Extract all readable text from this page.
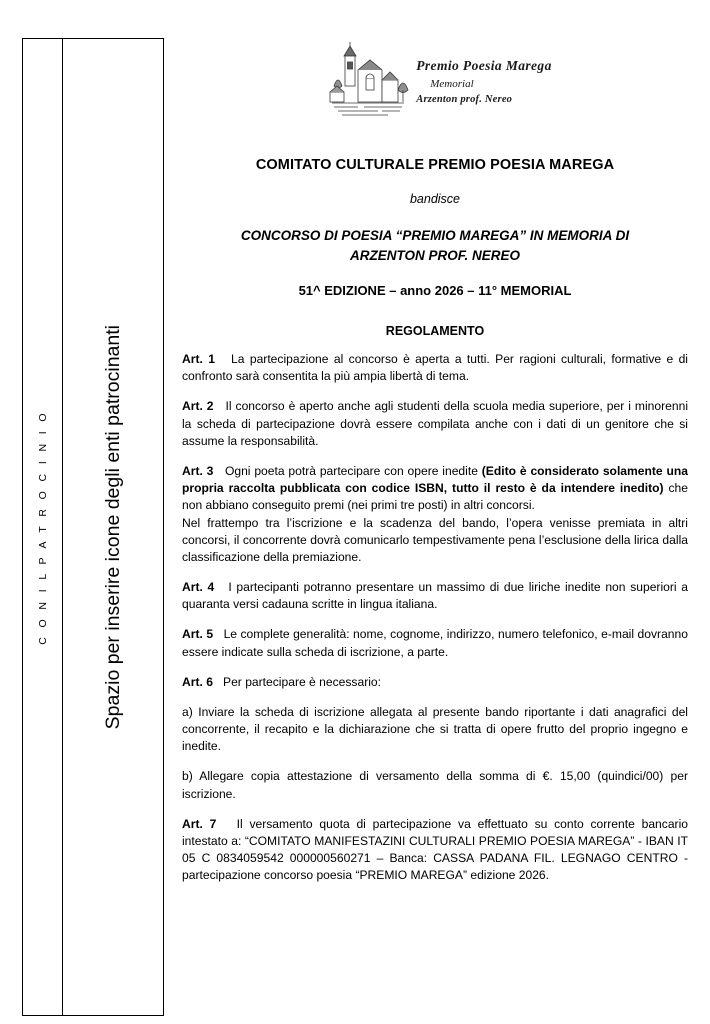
C O N I L P A T R O C I N I O	Spazio per inserire icone degli enti patrocinanti
Premio Poesia Marega
Memorial
Arzenton prof. Nereo
COMITATO CULTURALE PREMIO POESIA MAREGA
bandisce
CONCORSO DI POESIA “PREMIO MAREGA” IN MEMORIA DI
ARZENTON PROF. NEREO
51^ EDIZIONE – anno 2026 – 11° MEMORIAL
REGOLAMENTO
Art. 1 La partecipazione al concorso è aperta a tutti. Per ragioni culturali, formative e di confronto sarà consentita la più ampia libertà di tema.
Art. 2 Il concorso è aperto anche agli studenti della scuola media superiore, per i minorenni la scheda di partecipazione dovrà essere compilata anche con i dati di un genitore che si assume la responsabilità.
Art. 3 Ogni poeta potrà partecipare con opere inedite (Edito è considerato solamente una propria raccolta pubblicata con codice ISBN, tutto il resto è da intendere inedito) che non abbiano conseguito premi (nei primi tre posti) in altri concorsi.
Nel frattempo tra l’iscrizione e la scadenza del bando, l’opera venisse premiata in altri concorsi, il concorrente dovrà comunicarlo tempestivamente pena l’esclusione della lirica dalla classificazione della premiazione.
Art. 4 I partecipanti potranno presentare un massimo di due liriche inedite non superiori a quaranta versi cadauna scritte in lingua italiana.
Art. 5 Le complete generalità: nome, cognome, indirizzo, numero telefonico, e-mail dovranno essere indicate sulla scheda di iscrizione, a parte.
Art. 6 Per partecipare è necessario:
a) Inviare la scheda di iscrizione allegata al presente bando riportante i dati anagrafici del concorrente, il recapito e la dichiarazione che si tratta di opere frutto del proprio ingegno e inedite.
b) Allegare copia attestazione di versamento della somma di €. 15,00 (quindici/00) per iscrizione.
Art. 7 Il versamento quota di partecipazione va effettuato su conto corrente bancario intestato a: “COMITATO MANIFESTAZINI CULTURALI PREMIO POESIA MAREGA” - IBAN IT 05 C 0834059542 000000560271 – Banca: CASSA PADANA FIL. LEGNAGO CENTRO - partecipazione concorso poesia “PREMIO MAREGA” edizione 2026.
